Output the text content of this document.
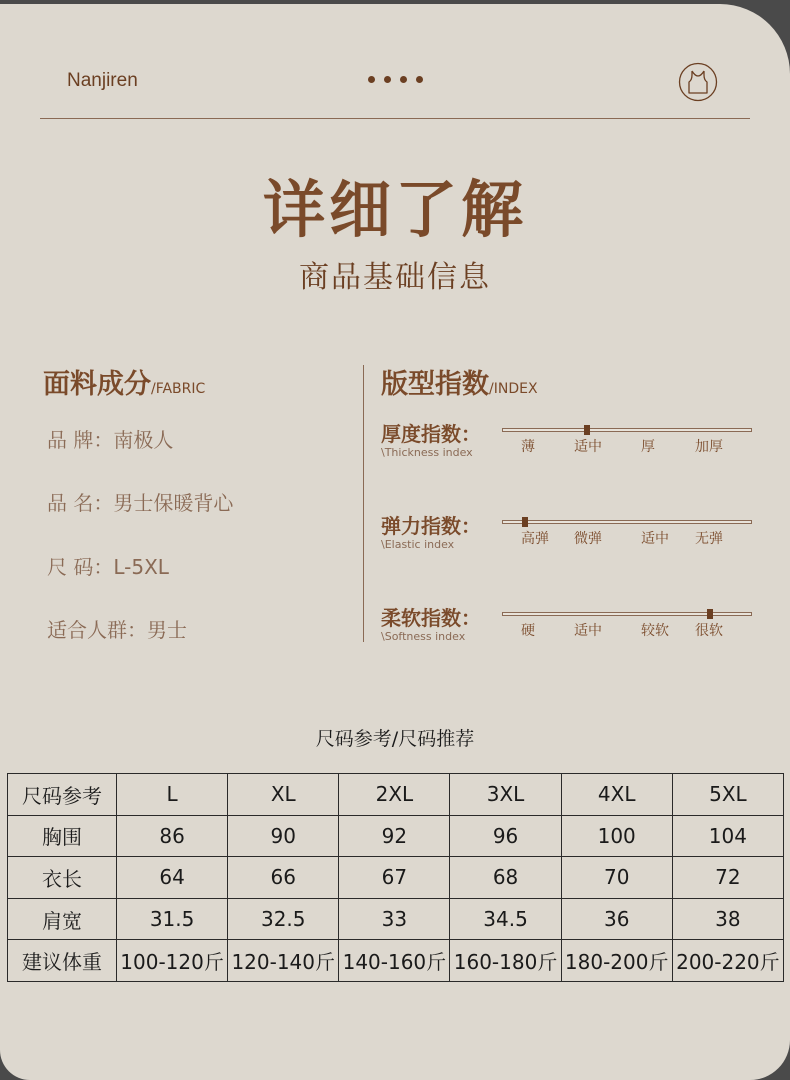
Nanjiren
详细了解
商品基础信息
面料成分/FABRIC
品 牌：南极人
品 名：男士保暖背心
尺 码：L-5XL
适合人群：男士
版型指数/INDEX
厚度指数：
\Thickness index	薄	适中	厚	加厚
弹力指数：
\Elastic index	高弹 微弹	适中 无弹
柔软指数：
\Softness index	硬	适中	较软 很软
尺码参考/尺码推荐
尺码参考	L	XL	2XL	3XL	4XL	5XL
胸围	86	90	92	96	100	104
衣长	64	66	67	68	70	72
肩宽	31.5	32.5	33	34.5	36	38
建议体重	100-120斤	120-140斤	140-160斤	160-180斤	180-200斤	200-220斤
